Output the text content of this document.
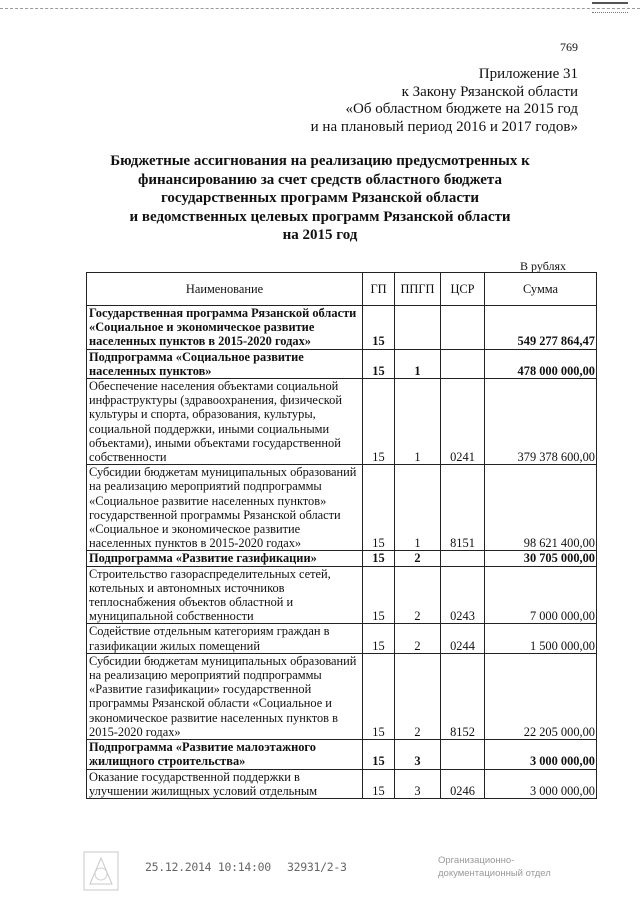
769
Приложение 31
к Закону Рязанской области
«Об областном бюджете на 2015 год
и на плановый период 2016 и 2017 годов»
Бюджетные ассигнования на реализацию предусмотренных к
финансированию за счет средств областного бюджета
государственных программ Рязанской области
и ведомственных целевых программ Рязанской области
на 2015 год
В рублях
Наименование	ГП	ППГП	ЦСР	Сумма
Государственная программа Рязанской области «Социальное и экономическое развитие населенных пунктов в 2015-2020 годах»	15			549 277 864,47
Подпрограмма «Социальное развитие населенных пунктов»	15	1		478 000 000,00
Обеспечение населения объектами социальной инфраструктуры (здравоохранения, физической культуры и спорта, образования, культуры, социальной поддержки, иными социальными объектами), иными объектами государственной собственности	15	1	0241	379 378 600,00
Субсидии бюджетам муниципальных образований на реализацию мероприятий подпрограммы «Социальное развитие населенных пунктов» государственной программы Рязанской области «Социальное и экономическое развитие населенных пунктов в 2015-2020 годах»	15	1	8151	98 621 400,00
Подпрограмма «Развитие газификации»	15	2		30 705 000,00
Строительство газораспределительных сетей, котельных и автономных источников теплоснабжения объектов областной и муниципальной собственности	15	2	0243	7 000 000,00
Содействие отдельным категориям граждан в газификации жилых помещений	15	2	0244	1 500 000,00
Субсидии бюджетам муниципальных образований на реализацию мероприятий подпрограммы «Развитие газификации» государственной программы Рязанской области «Социальное и экономическое развитие населенных пунктов в 2015-2020 годах»	15	2	8152	22 205 000,00
Подпрограмма «Развитие малоэтажного жилищного строительства»	15	3		3 000 000,00
Оказание государственной поддержки в улучшении жилищных условий отдельным	15	3	0246	3 000 000,00
25.12.2014 10:14:00 32931/2-3	Организационно-
документационный отдел
